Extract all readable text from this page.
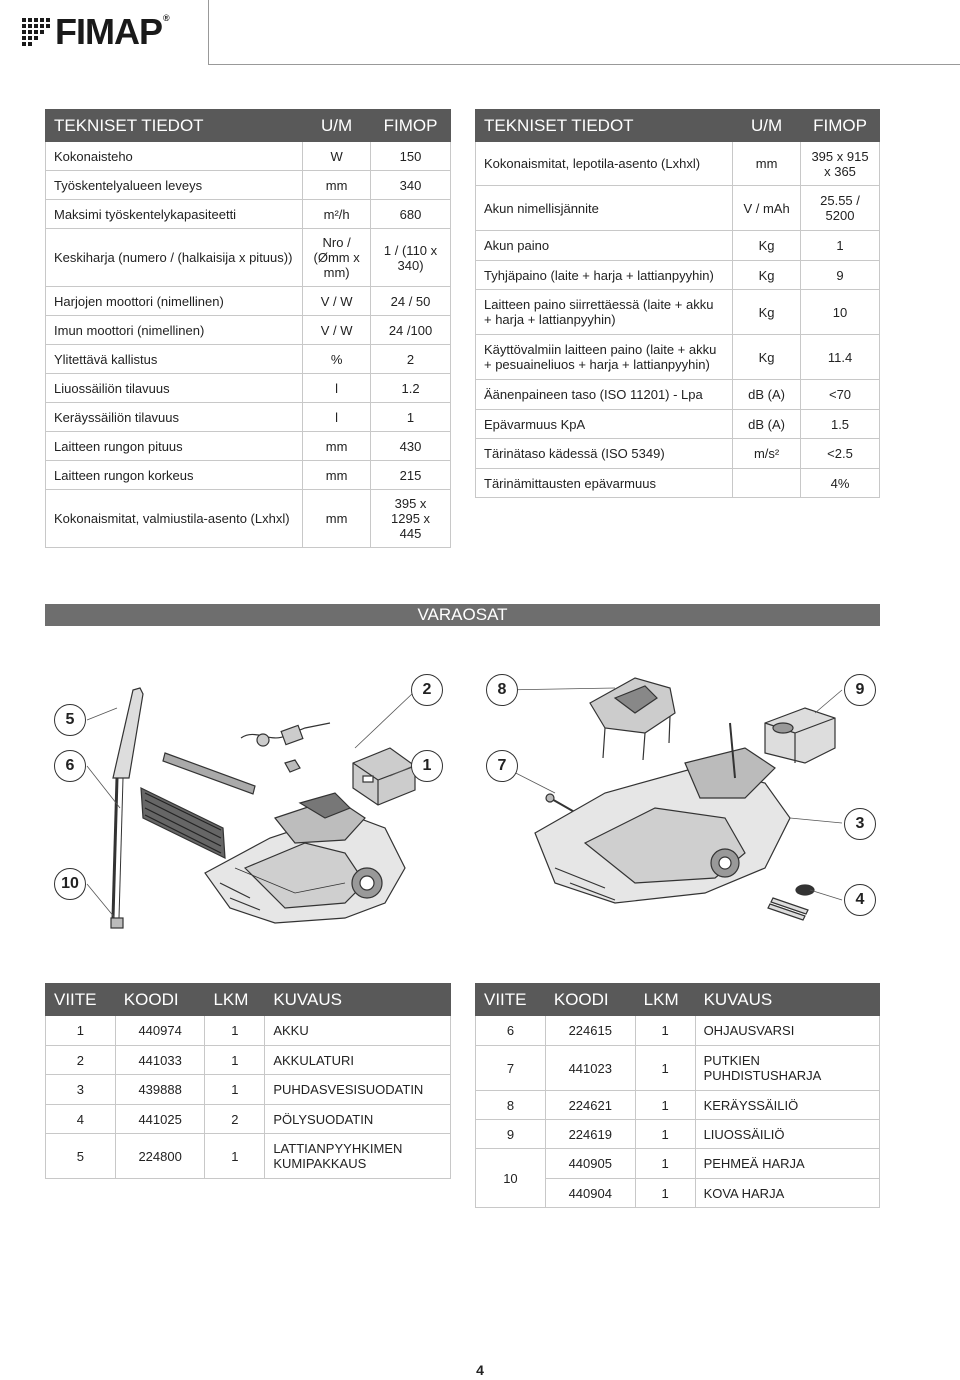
FIMAP®
TEKNISET TIEDOT	U/M	FIMOP
Kokonaisteho	W	150
Työskentelyalueen leveys	mm	340
Maksimi työskentelykapasiteetti	m²/h	680
Keskiharja (numero / (halkaisija x pituus))	Nro / (Ømm x mm)	1 / (110 x 340)
Harjojen moottori (nimellinen)	V / W	24 / 50
Imun moottori (nimellinen)	V / W	24 /100
Ylitettävä kallistus	%	2
Liuossäiliön tilavuus	l	1.2
Keräyssäiliön tilavuus	l	1
Laitteen rungon pituus	mm	430
Laitteen rungon korkeus	mm	215
Kokonaismitat, valmiustila-asento (Lxhxl)	mm	395 x 1295 x 445
TEKNISET TIEDOT	U/M	FIMOP
Kokonaismitat, lepotila-asento (Lxhxl)	mm	395 x 915 x 365
Akun nimellisjännite	V / mAh	25.55 / 5200
Akun paino	Kg	1
Tyhjäpaino (laite + harja + lattianpyyhin)	Kg	9
Laitteen paino siirrettäessä (laite + akku + harja + lattianpyyhin)	Kg	10
Käyttövalmiin laitteen paino (laite + akku + pesuaineliuos + harja + lattianpyyhin)	Kg	11.4
Äänenpaineen taso (ISO 11201) - Lpa	dB (A)	<70
Epävarmuus KpA	dB (A)	1.5
Tärinätaso kädessä (ISO 5349)	m/s²	<2.5
Tärinämittausten epävarmuus		4%
VARAOSAT
5
6
10
2
1
8
7
9
3
4
VIITE	KOODI	LKM	KUVAUS
1	440974	1	AKKU
2	441033	1	AKKULATURI
3	439888	1	PUHDASVESISUODATIN
4	441025	2	PÖLYSUODATIN
5	224800	1	LATTIANPYYHKIMEN KUMIPAKKAUS
VIITE	KOODI	LKM	KUVAUS
6	224615	1	OHJAUSVARSI
7	441023	1	PUTKIEN PUHDISTUSHARJA
8	224621	1	KERÄYSSÄILIÖ
9	224619	1	LIUOSSÄILIÖ
10	440905	1	PEHMEÄ HARJA
	440904	1	KOVA HARJA
4
